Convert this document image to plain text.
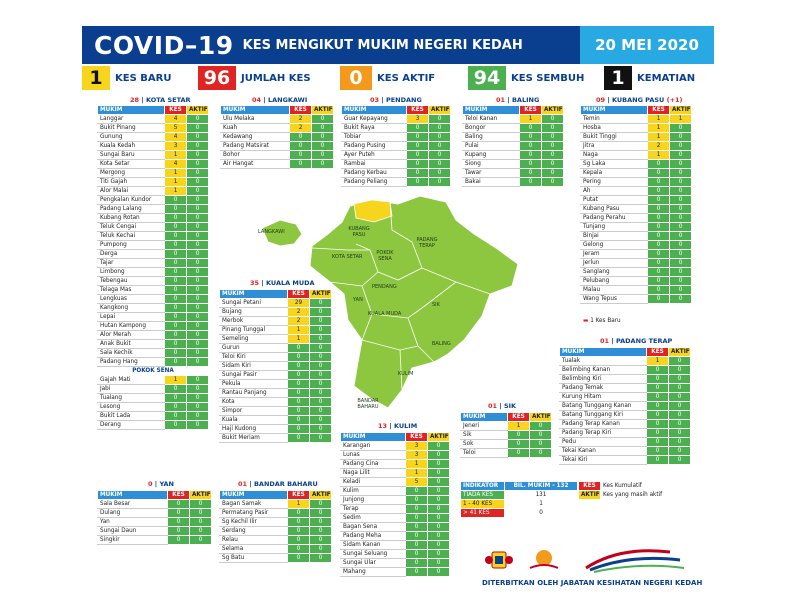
COVID–19 KES MENGIKUT MUKIM NEGERI KEDAH	20 MEI 2020
1	KES BARU	96	JUMLAH KES	0	KES AKTIF	94	KES SEMBUH	1	KEMATIAN
28 | KOTA SETAR	04 | LANGKAWI	03 | PENDANG	01 | BALING	09 | KUBANG PASU (+1)
35 | KUALA MUDA
01 | PADANG TERAP
01 | SIK
13 | KULIM
0 | YAN	01 | BANDAR BAHARU
MUKIM	KES	AKTIF
Langgar	4	0
Bukit Pinang	5	0
Gunung	4	0
Kuala Kedah	3	0
Sungai Baru	1	0
Kota Setar	4	0
Mergong	1	0
Titi Gajah	1	0
Alor Malai	1	0
Pengkalan Kundor	0	0
Padang Lalang	0	0
Kubang Rotan	0	0
Teluk Cengai	0	0
Teluk Kechai	0	0
Pumpong	0	0
Derga	0	0
Tajar	0	0
Limbong	0	0
Tebengau	0	0
Telaga Mas	0	0
Lengkuas	0	0
Kangkong	0	0
Lepai	0	0
Hutan Kampong	0	0
Alor Merah	0	0
Anak Bukit	0	0
Sala Kechik	0	0
Padang Hang	0	0
POKOK SENA		
Gajah Mati	1	0
Jabi	0	0
Tualang	0	0
Lesong	0	0
Bukit Lada	0	0
Derang	0	0
MUKIM	KES	AKTIF
Ulu Melaka	2	0
Kuah	2	0
Kedawang	0	0
Padang Matsirat	0	0
Bohor	0	0
Air Hangat	0	0
MUKIM	KES	AKTIF
Guar Kepayang	3	0
Bukit Raya	0	0
Tobiar	0	0
Padang Pusing	0	0
Ayer Puteh	0	0
Rambai	0	0
Padang Kerbau	0	0
Padang Peliang	0	0
MUKIM	KES	AKTIF
Teloi Kanan	1	0
Bongor	0	0
Baling	0	0
Pulai	0	0
Kupang	0	0
Siong	0	0
Tawar	0	0
Bakai	0	0
MUKIM	KES	AKTIF
Temin	1	1
Hosba	1	0
Bukit Tinggi	1	0
Jitra	2	0
Naga	1	0
Sg Laka	0	0
Kepala	0	0
Pering	0	0
Ah	0	0
Putat	0	0
Kubang Pasu	0	0
Padang Perahu	0	0
Tunjang	0	0
Binjai	0	0
Gelong	0	0
Jeram	0	0
Jerlun	0	0
Sanglang	0	0
Pelubang	0	0
Malau	0	0
Wang Tepus	0	0
MUKIM	KES	AKTIF
Sungai Petani	29	0
Bujang	2	0
Merbok	2	0
Pinang Tunggal	1	0
Semeling	1	0
Gurun	0	0
Teloi Kiri	0	0
Sidam Kiri	0	0
Sungai Pasir	0	0
Pekula	0	0
Rantau Panjang	0	0
Kota	0	0
Simpor	0	0
Kuala	0	0
Haji Kudong	0	0
Bukit Meriam	0	0
MUKIM	KES	AKTIF
Tualak	1	0
Belimbing Kanan	0	0
Belimbing Kiri	0	0
Padang Temak	0	0
Kurung Hitam	0	0
Batang Tunggang Kanan	0	0
Batang Tunggang Kiri	0	0
Padang Terap Kanan	0	0
Padang Terap Kiri	0	0
Pedu	0	0
Tekai Kanan	0	0
Tekai Kiri	0	0
MUKIM	KES	AKTIF
Jeneri	1	0
Sik	0	0
Sok	0	0
Teloi	0	0
MUKIM	KES	AKTIF
Karangan	3	0
Lunas	3	0
Padang Cina	1	0
Naga Lilit	1	0
Keladi	5	0
Kulim	0	0
Junjong	0	0
Terap	0	0
Sedim	0	0
Bagan Sena	0	0
Padang Meha	0	0
Sidam Kanan	0	0
Sungai Seluang	0	0
Sungai Ular	0	0
Mahang	0	0
MUKIM	KES	AKTIF
Sala Besar	0	0
Dulang	0	0
Yan	0	0
Sungai Daun	0	0
Singkir	0	0
MUKIM	KES	AKTIF
Bagan Samak	1	0
Permatang Pasir	0	0
Sg Kechil Ilir	0	0
Serdang	0	0
Relau	0	0
Selama	0	0
Sg Batu	0	0
▬ 1 Kes Baru
LANGKAWI	KUBANG PASU
PADANG TERAP
KOTA SETAR
POKOK SENA
PENDANG
YAN
SIK
KUALA MUDA
BALING
KULIM
BANDAR BAHARU
INDIKATOR	BIL. MUKIM - 132
TIADA KES	131
1 - 40 KES	1
> 41 KES	0
KES	Kes Kumulatif
AKTIF	Kes yang masih aktif
DITERBITKAN OLEH JABATAN KESIHATAN NEGERI KEDAH
